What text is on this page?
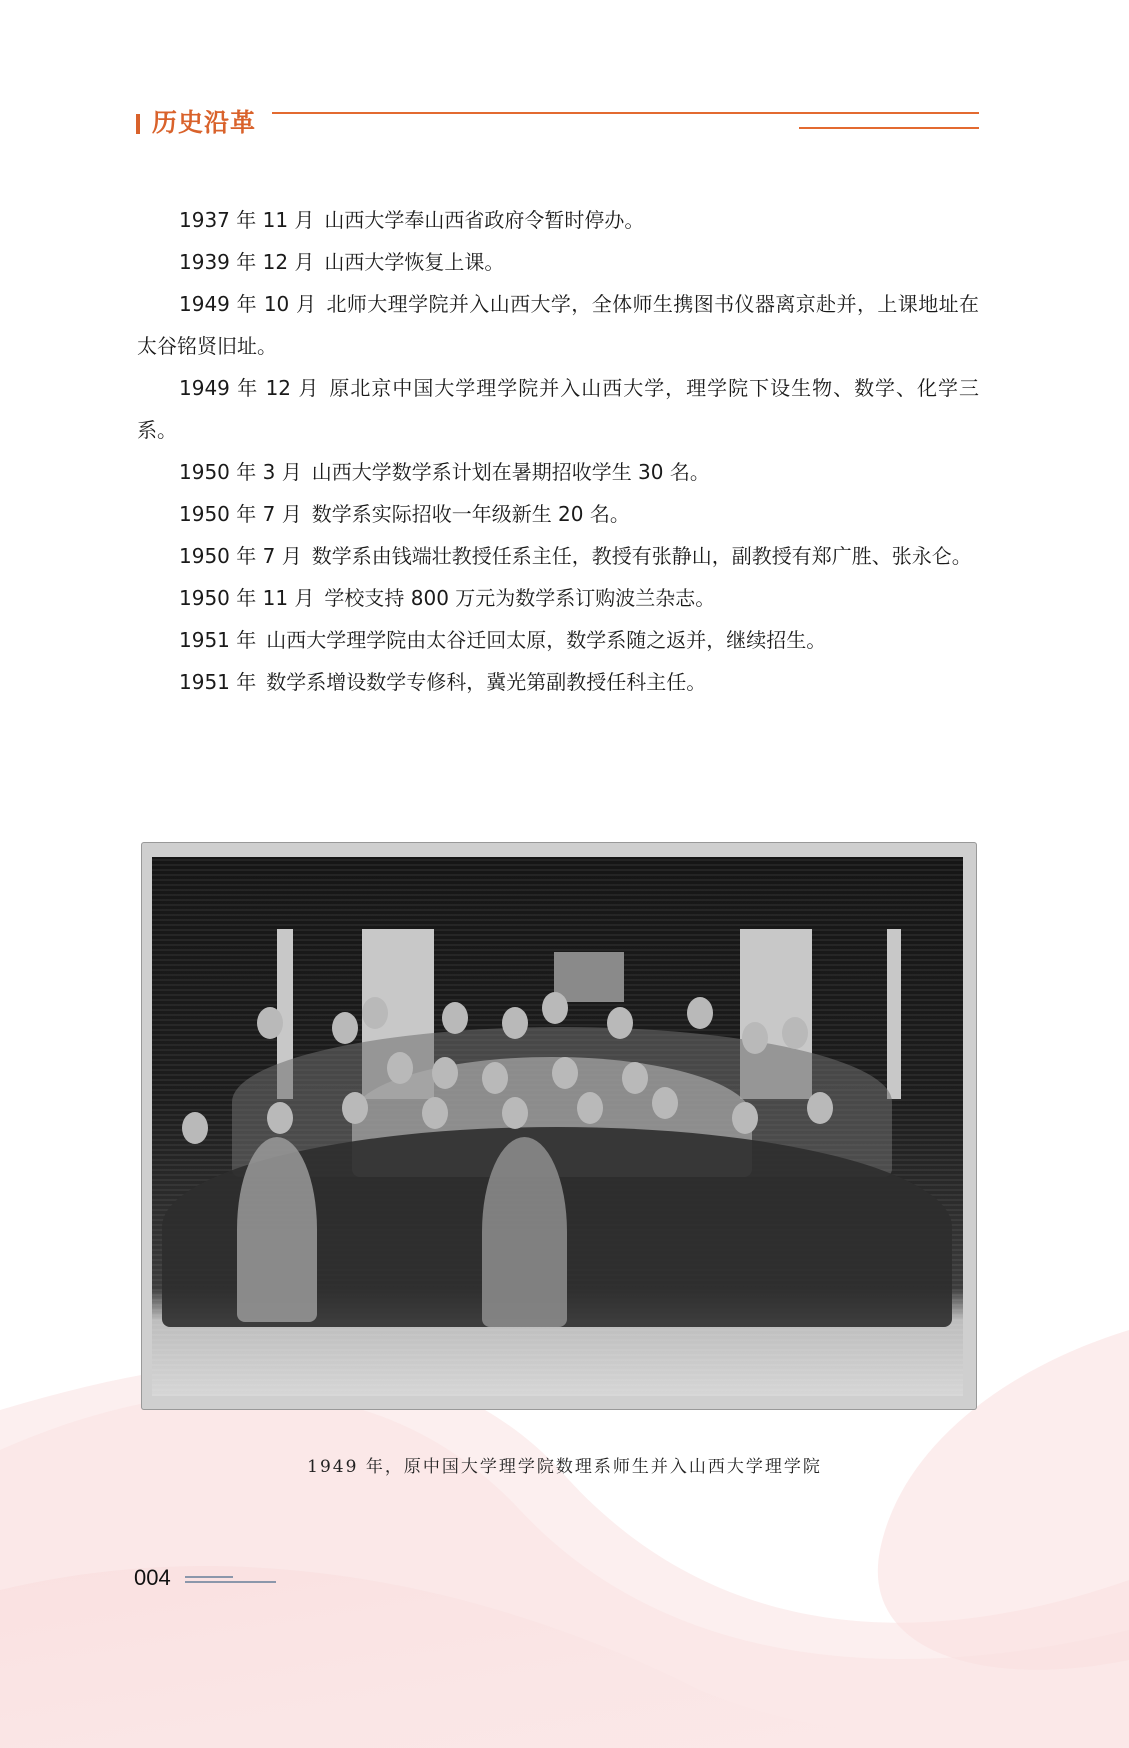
历史沿革

1937 年 11 月 山西大学奉山西省政府令暂时停办。

1939 年 12 月 山西大学恢复上课。

1949 年 10 月 北师大理学院并入山西大学，全体师生携图书仪器离京赴并，上课地址在太谷铭贤旧址。

1949 年 12 月 原北京中国大学理学院并入山西大学，理学院下设生物、数学、化学三系。

1950 年 3 月 山西大学数学系计划在暑期招收学生 30 名。

1950 年 7 月 数学系实际招收一年级新生 20 名。

1950 年 7 月 数学系由钱端壮教授任系主任，教授有张静山，副教授有郑广胜、张永仑。

1950 年 11 月 学校支持 800 万元为数学系订购波兰杂志。

1951 年 山西大学理学院由太谷迁回太原，数学系随之返并，继续招生。

1951 年 数学系增设数学专修科，冀光第副教授任科主任。

1949 年，原中国大学理学院数理系师生并入山西大学理学院
004
